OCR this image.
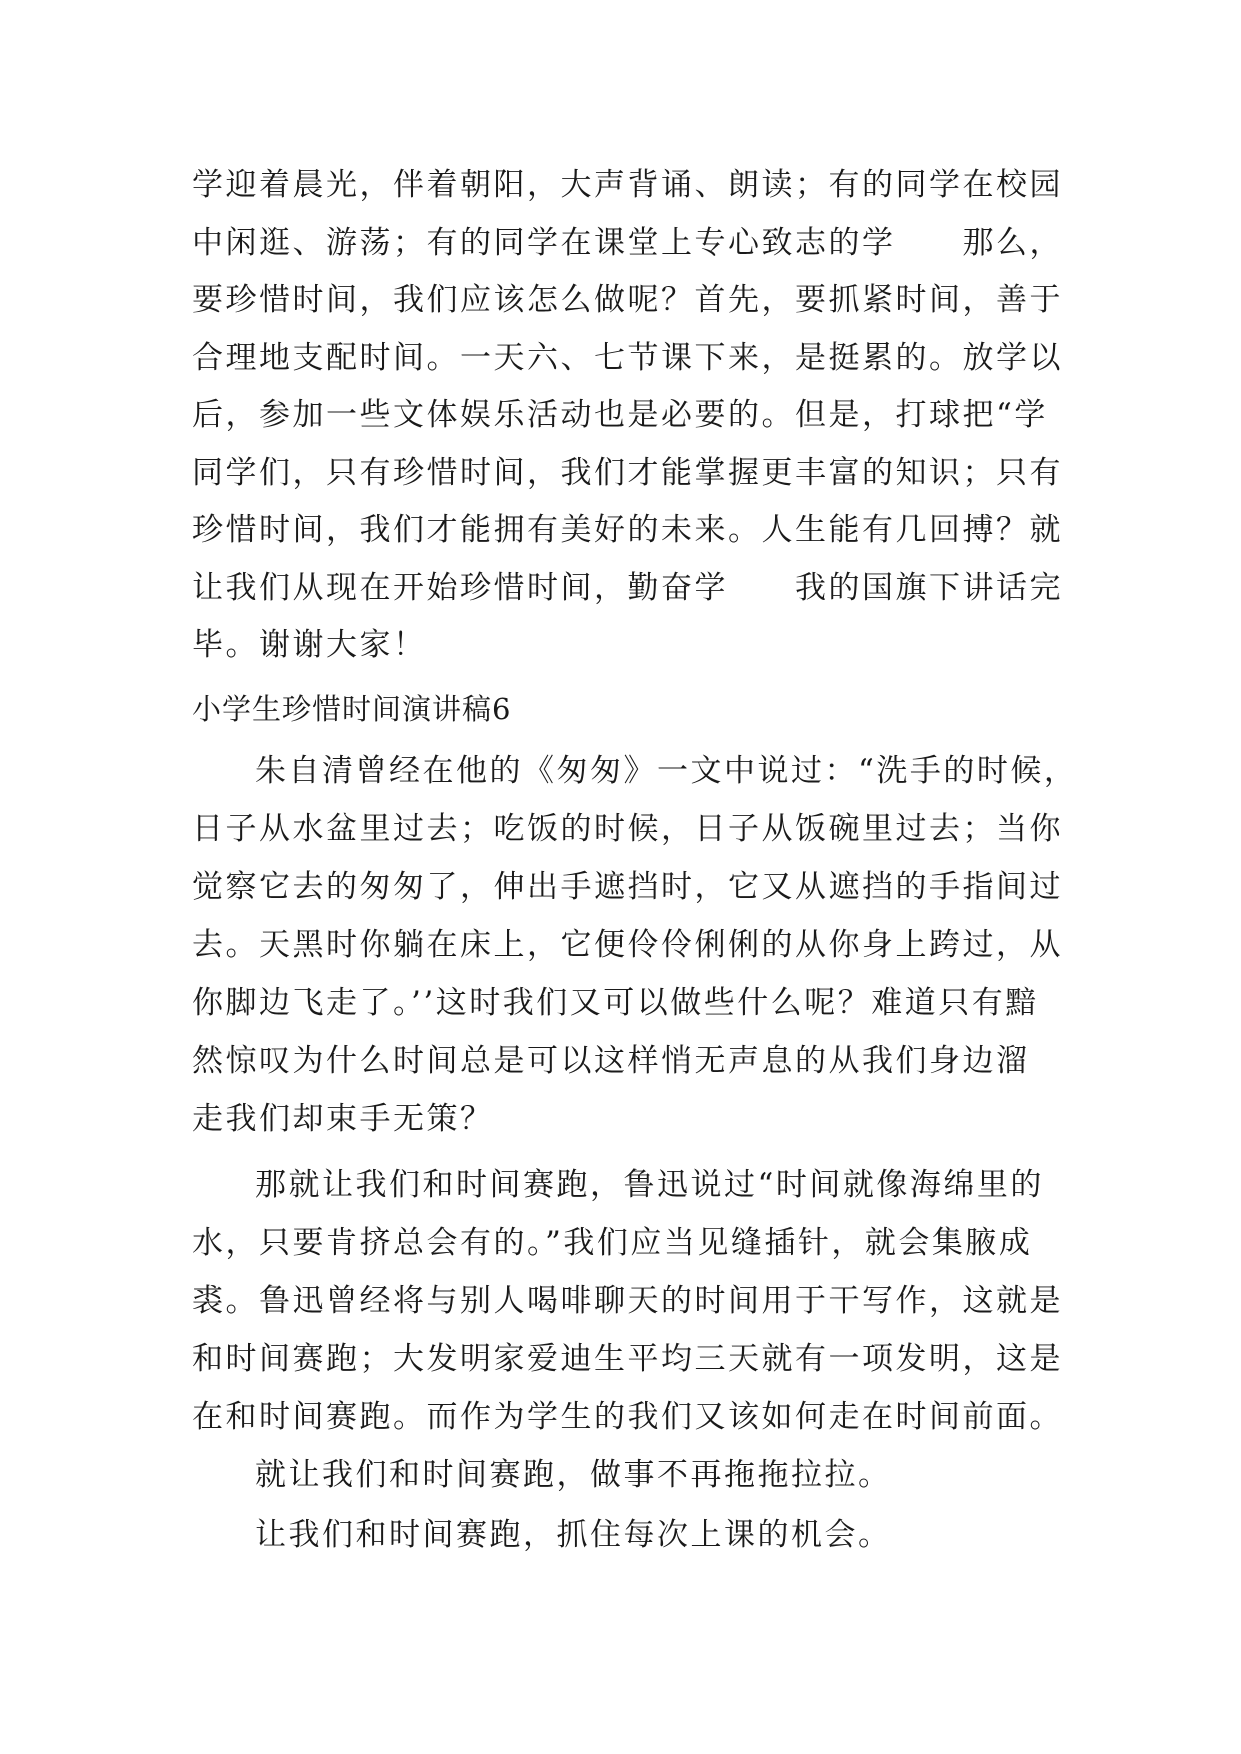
学迎着晨光，伴着朝阳，大声背诵、朗读；有的同学在校园
中闲逛、游荡；有的同学在课堂上专心致志的学　　那么，
要珍惜时间，我们应该怎么做呢？首先，要抓紧时间，善于
合理地支配时间。一天六、七节课下来，是挺累的。放学以
后，参加一些文体娱乐活动也是必要的。但是，打球把“学
同学们，只有珍惜时间，我们才能掌握更丰富的知识；只有
珍惜时间，我们才能拥有美好的未来。人生能有几回搏？就
让我们从现在开始珍惜时间，勤奋学　　我的国旗下讲话完
毕。谢谢大家！
小学生珍惜时间演讲稿6
朱自清曾经在他的《匆匆》一文中说过：“洗手的时候，
日子从水盆里过去；吃饭的时候，日子从饭碗里过去；当你
觉察它去的匆匆了，伸出手遮挡时，它又从遮挡的手指间过
去。天黑时你躺在床上，它便伶伶俐俐的从你身上跨过，从
你脚边飞走了。’’这时我们又可以做些什么呢？难道只有黯
然惊叹为什么时间总是可以这样悄无声息的从我们身边溜
走我们却束手无策？
那就让我们和时间赛跑，鲁迅说过“时间就像海绵里的
水，只要肯挤总会有的。”我们应当见缝插针，就会集腋成
裘。鲁迅曾经将与别人喝啡聊天的时间用于干写作，这就是
和时间赛跑；大发明家爱迪生平均三天就有一项发明，这是
在和时间赛跑。而作为学生的我们又该如何走在时间前面。
就让我们和时间赛跑，做事不再拖拖拉拉。
让我们和时间赛跑，抓住每次上课的机会。
